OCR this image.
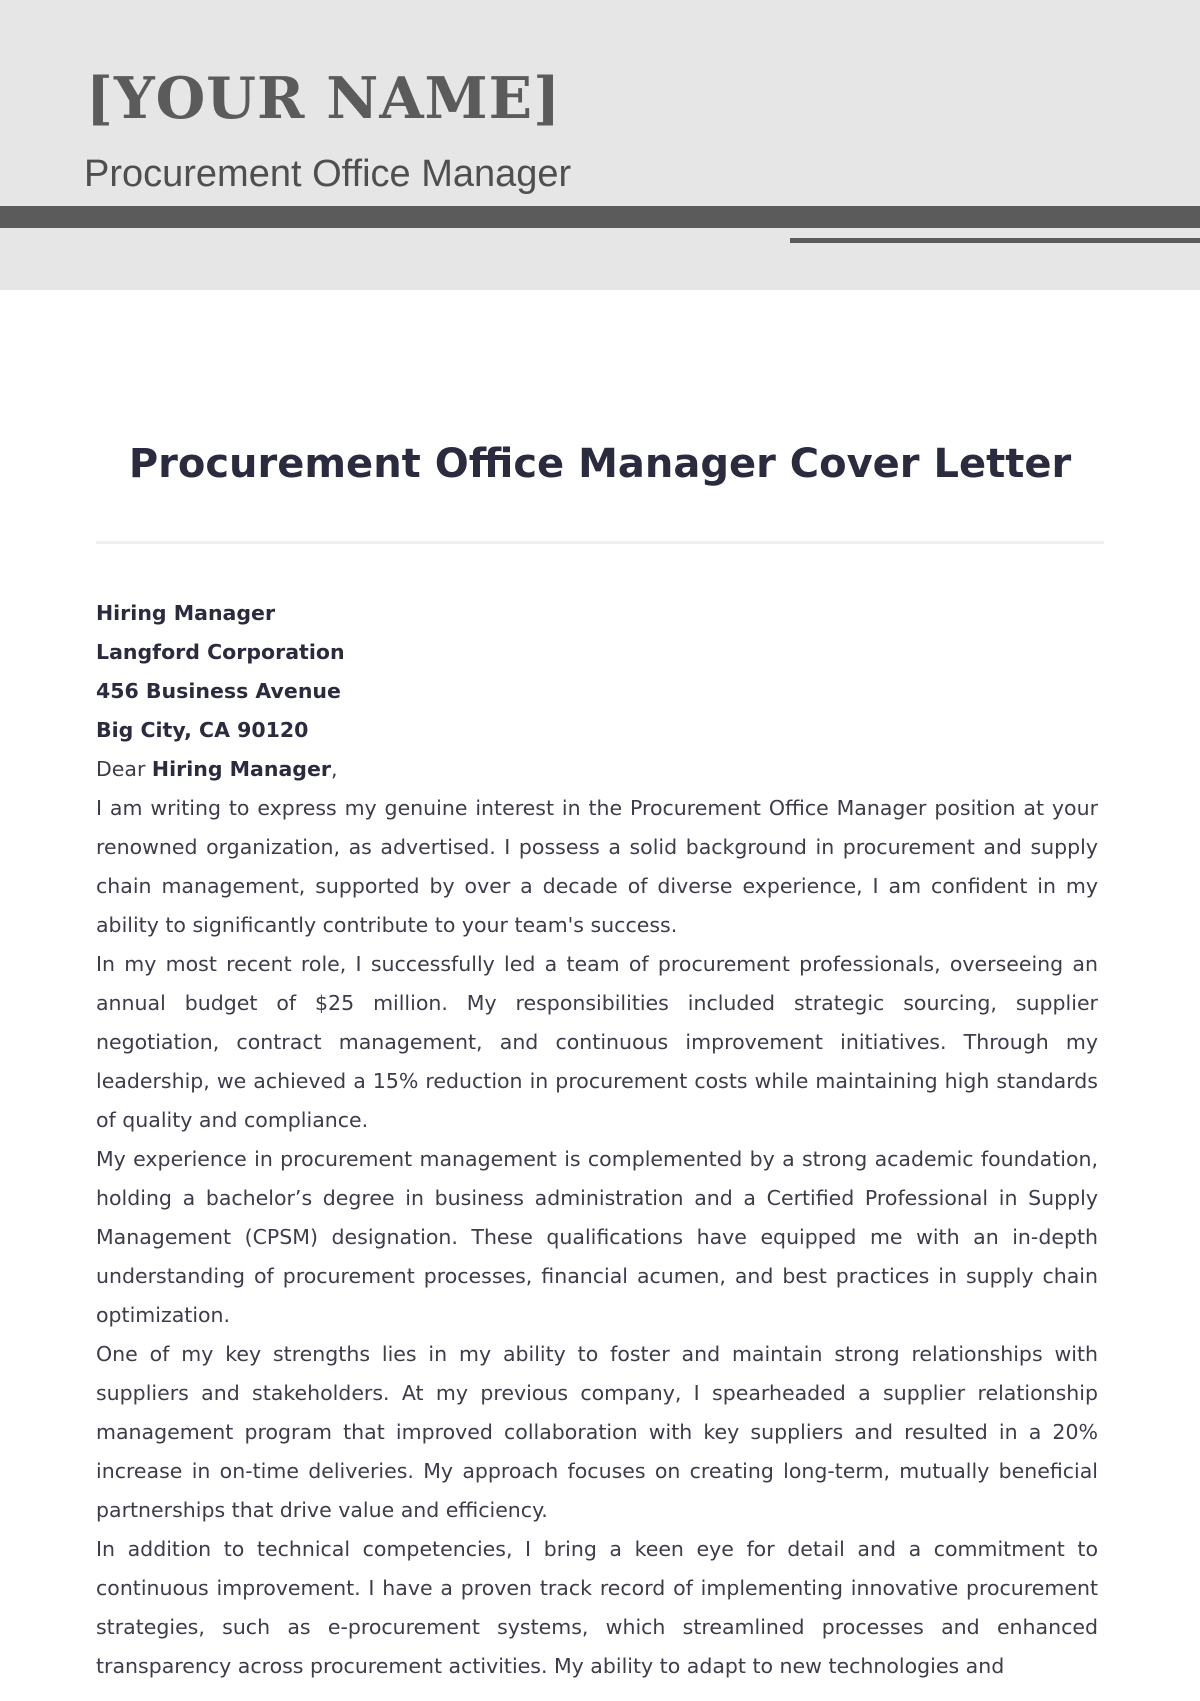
[YOUR NAME]

Procurement Office Manager

Procurement Office Manager Cover Letter

Hiring Manager

Langford Corporation

456 Business Avenue

Big City, CA 90120

Dear Hiring Manager,

I am writing to express my genuine interest in the Procurement Office Manager position at your renowned organization, as advertised. I possess a solid background in procurement and supply chain management, supported by over a decade of diverse experience, I am confident in my ability to significantly contribute to your team's success.

In my most recent role, I successfully led a team of procurement professionals, overseeing an annual budget of $25 million. My responsibilities included strategic sourcing, supplier negotiation, contract management, and continuous improvement initiatives. Through my leadership, we achieved a 15% reduction in procurement costs while maintaining high standards of quality and compliance.

My experience in procurement management is complemented by a strong academic foundation, holding a bachelor’s degree in business administration and a Certified Professional in Supply Management (CPSM) designation. These qualifications have equipped me with an in-depth understanding of procurement processes, financial acumen, and best practices in supply chain optimization.

One of my key strengths lies in my ability to foster and maintain strong relationships with suppliers and stakeholders. At my previous company, I spearheaded a supplier relationship management program that improved collaboration with key suppliers and resulted in a 20% increase in on-time deliveries. My approach focuses on creating long-term, mutually beneficial partnerships that drive value and efficiency.

In addition to technical competencies, I bring a keen eye for detail and a commitment to continuous improvement. I have a proven track record of implementing innovative procurement strategies, such as e-procurement systems, which streamlined processes and enhanced transparency across procurement activities. My ability to adapt to new technologies and
